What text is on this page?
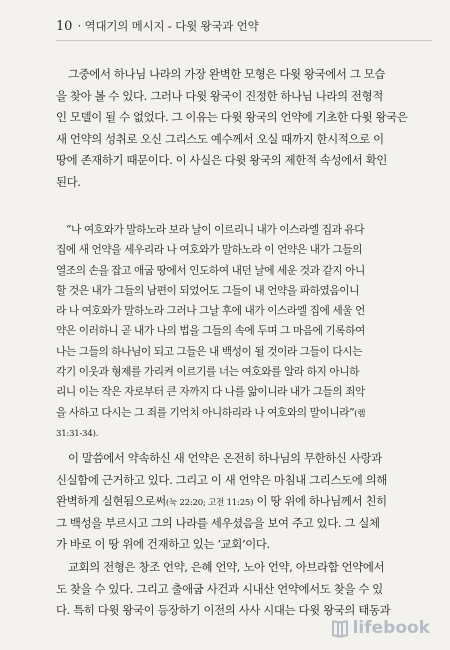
10 · 역대기의 메시지 - 다윗 왕국과 언약
그중에서 하나님 나라의 가장 완벽한 모형은 다윗 왕국에서 그 모습
을 찾아 볼 수 있다. 그러나 다윗 왕국이 진정한 하나님 나라의 전형적
인 모델이 될 수 없었다. 그 이유는 다윗 왕국의 언약에 기초한 다윗 왕국은
새 언약의 성취로 오신 그리스도 예수께서 오실 때까지 한시적으로 이
땅에 존재하기 때문이다. 이 사실은 다윗 왕국의 제한적 속성에서 확인
된다.
“나 여호와가 말하노라 보라 날이 이르리니 내가 이스라엘 집과 유다
집에 새 언약을 세우리라 나 여호와가 말하노라 이 언약은 내가 그들의
열조의 손을 잡고 애굽 땅에서 인도하여 내던 날에 세운 것과 같지 아니
할 것은 내가 그들의 남편이 되었어도 그들이 내 언약을 파하였음이니
라 나 여호와가 말하노라 그러나 그날 후에 내가 이스라엘 집에 세울 언
약은 이러하니 곧 내가 나의 법을 그들의 속에 두며 그 마음에 기록하여
나는 그들의 하나님이 되고 그들은 내 백성이 될 것이라 그들이 다시는
각기 이웃과 형제를 가리켜 이르기를 너는 여호와를 알라 하지 아니하
리니 이는 작은 자로부터 큰 자까지 다 나를 앎이니라 내가 그들의 죄악
을 사하고 다시는 그 죄를 기억치 아니하리라 나 여호와의 말이니라”(렘
31:31-34).
이 말씀에서 약속하신 새 언약은 온전히 하나님의 무한하신 사랑과
신실함에 근거하고 있다. 그리고 이 새 언약은 마침내 그리스도에 의해
완벽하게 실현됨으로써(눅 22:20; 고전 11:25) 이 땅 위에 하나님께서 친히
그 백성을 부르시고 그의 나라를 세우셨음을 보여 주고 있다. 그 실체
가 바로 이 땅 위에 건재하고 있는 ‘교회’이다.
교회의 전형은 창조 언약, 은혜 언약, 노아 언약, 아브라함 언약에서
도 찾을 수 있다. 그리고 출애굽 사건과 시내산 언약에서도 찾을 수 있
다. 특히 다윗 왕국이 등장하기 이전의 사사 시대는 다윗 왕국의 태동과
lifebook
